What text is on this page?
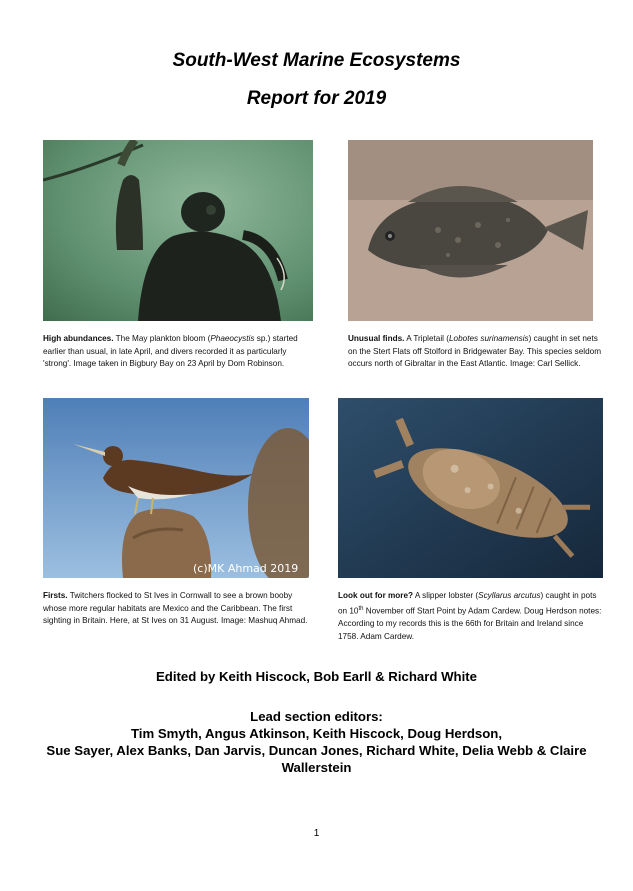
South-West Marine Ecosystems
Report for 2019
High abundances. The May plankton bloom (Phaeocystis sp.) started earlier than usual, in late April, and divers recorded it as particularly 'strong'. Image taken in Bigbury Bay on 23 April by Dom Robinson.
Unusual finds. A Tripletail (Lobotes surinamensis) caught in set nets on the Stert Flats off Stolford in Bridgewater Bay. This species seldom occurs north of Gibraltar in the East Atlantic. Image: Carl Sellick.
(c)MK Ahmad 2019
Firsts. Twitchers flocked to St Ives in Cornwall to see a brown booby whose more regular habitats are Mexico and the Caribbean. The first sighting in Britain. Here, at St Ives on 31 August. Image: Mashuq Ahmad.
Look out for more? A slipper lobster (Scyllarus arcutus) caught in pots on 10th November off Start Point by Adam Cardew. Doug Herdson notes: According to my records this is the 66th for Britain and Ireland since 1758. Adam Cardew.
Edited by Keith Hiscock, Bob Earll & Richard White
Lead section editors:
Tim Smyth, Angus Atkinson, Keith Hiscock, Doug Herdson,
Sue Sayer, Alex Banks, Dan Jarvis, Duncan Jones, Richard White, Delia Webb & Claire
Wallerstein
1
